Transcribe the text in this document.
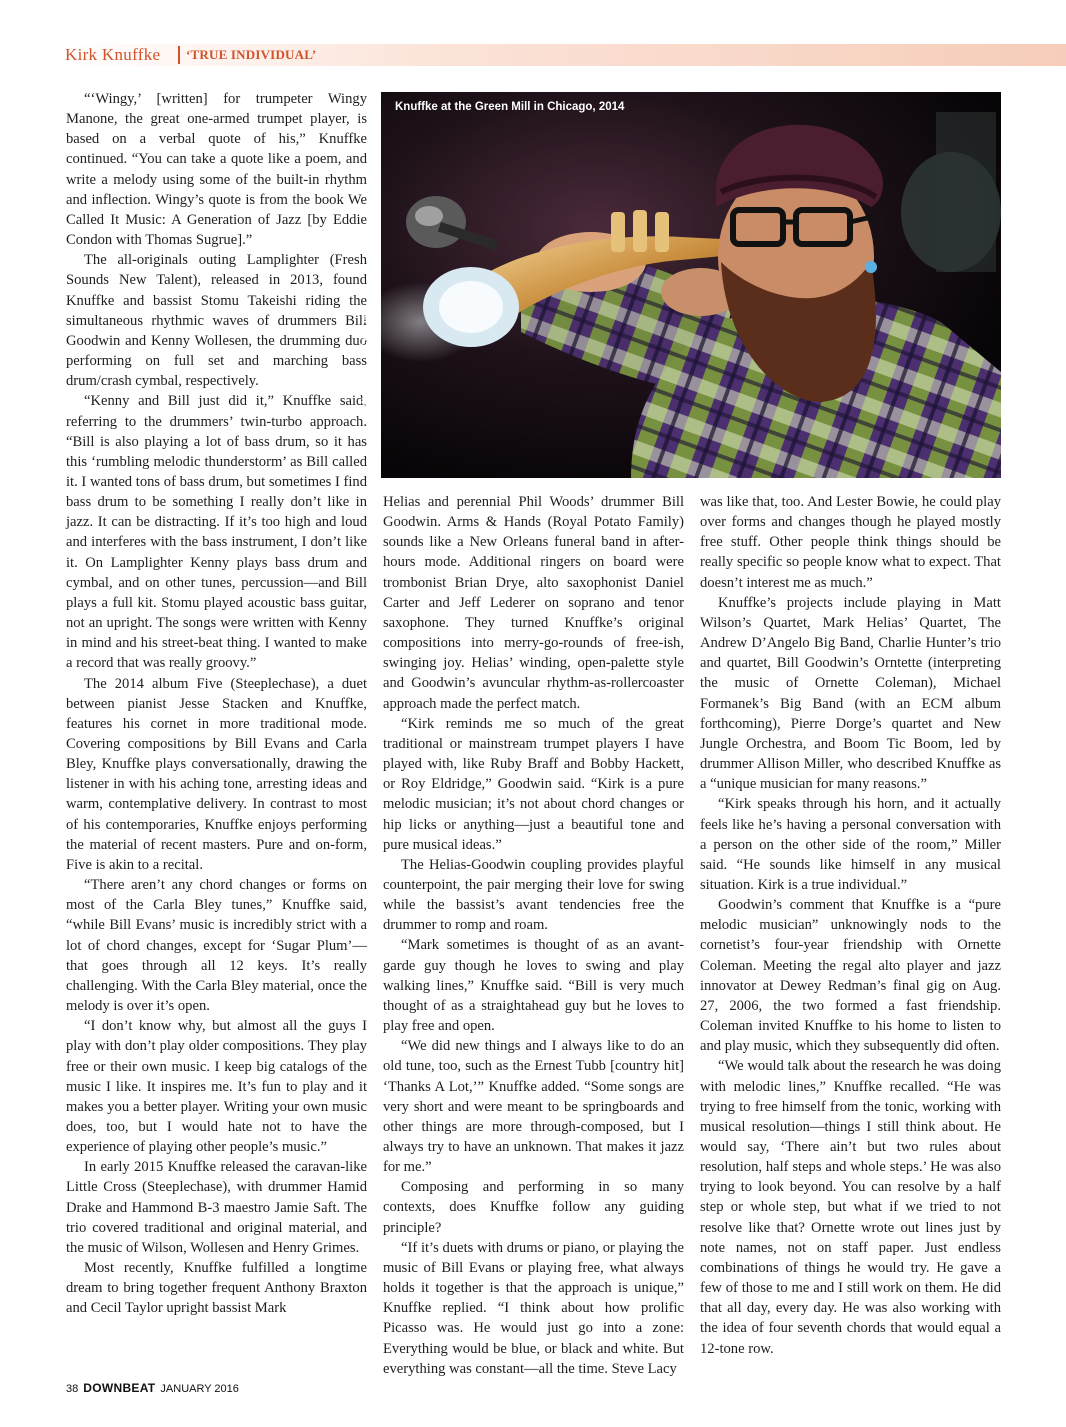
Kirk Knuffke ‘TRUE INDIVIDUAL’

“‘Wingy,’ [written] for trumpeter Wingy Manone, the great one-armed trumpet player, is based on a verbal quote of his,” Knuffke continued. “You can take a quote like a poem, and write a melody using some of the built-in rhythm and inflection. Wingy’s quote is from the book We Called It Music: A Generation of Jazz [by Eddie Condon with Thomas Sugrue].”

The all-originals outing Lamplighter (Fresh Sounds New Talent), released in 2013, found Knuffke and bassist Stomu Takeishi riding the simultaneous rhythmic waves of drummers Bill Goodwin and Kenny Wollesen, the drumming duo performing on full set and marching bass drum/crash cymbal, respectively.

“Kenny and Bill just did it,” Knuffke said, referring to the drummers’ twin-turbo approach. “Bill is also playing a lot of bass drum, so it has this ‘rumbling melodic thunderstorm’ as Bill called it. I wanted tons of bass drum, but sometimes I find bass drum to be something I really don’t like in jazz. It can be distracting. If it’s too high and loud and interferes with the bass instrument, I don’t like it. On Lamplighter Kenny plays bass drum and cymbal, and on other tunes, percussion—and Bill plays a full kit. Stomu played acoustic bass guitar, not an upright. The songs were written with Kenny in mind and his street-beat thing. I wanted to make a record that was really groovy.”

The 2014 album Five (Steeplechase), a duet between pianist Jesse Stacken and Knuffke, features his cornet in more traditional mode. Covering compositions by Bill Evans and Carla Bley, Knuffke plays conversationally, drawing the listener in with his aching tone, arresting ideas and warm, contemplative delivery. In contrast to most of his contemporaries, Knuffke enjoys performing the material of recent masters. Pure and on-form, Five is akin to a recital.

“There aren’t any chord changes or forms on most of the Carla Bley tunes,” Knuffke said, “while Bill Evans’ music is incredibly strict with a lot of chord changes, except for ‘Sugar Plum’—that goes through all 12 keys. It’s really challenging. With the Carla Bley material, once the melody is over it’s open.

“I don’t know why, but almost all the guys I play with don’t play older compositions. They play free or their own music. I keep big catalogs of the music I like. It inspires me. It’s fun to play and it makes you a better player. Writing your own music does, too, but I would hate not to have the experience of playing other people’s music.”

In early 2015 Knuffke released the caravan-like Little Cross (Steeplechase), with drummer Hamid Drake and Hammond B-3 maestro Jamie Saft. The trio covered traditional and original material, and the music of Wilson, Wollesen and Henry Grimes.

Most recently, Knuffke fulfilled a longtime dream to bring together frequent Anthony Braxton and Cecil Taylor upright bassist Mark

Knuffke at the Green Mill in Chicago, 2014
MICHAEL JACKSON

Helias and perennial Phil Woods’ drummer Bill Goodwin. Arms & Hands (Royal Potato Family) sounds like a New Orleans funeral band in after-hours mode. Additional ringers on board were trombonist Brian Drye, alto saxophonist Daniel Carter and Jeff Lederer on soprano and tenor saxophone. They turned Knuffke’s original compositions into merry-go-rounds of free-ish, swinging joy. Helias’ winding, open-palette style and Goodwin’s avuncular rhythm-as-rollercoaster approach made the perfect match.

“Kirk reminds me so much of the great traditional or mainstream trumpet players I have played with, like Ruby Braff and Bobby Hackett, or Roy Eldridge,” Goodwin said. “Kirk is a pure melodic musician; it’s not about chord changes or hip licks or anything—just a beautiful tone and pure musical ideas.”

The Helias-Goodwin coupling provides playful counterpoint, the pair merging their love for swing while the bassist’s avant tendencies free the drummer to romp and roam.

“Mark sometimes is thought of as an avant-garde guy though he loves to swing and play walking lines,” Knuffke said. “Bill is very much thought of as a straightahead guy but he loves to play free and open.

“We did new things and I always like to do an old tune, too, such as the Ernest Tubb [country hit] ‘Thanks A Lot,’” Knuffke added. “Some songs are very short and were meant to be springboards and other things are more through-composed, but I always try to have an unknown. That makes it jazz for me.”

Composing and performing in so many contexts, does Knuffke follow any guiding principle?

“If it’s duets with drums or piano, or playing the music of Bill Evans or playing free, what always holds it together is that the approach is unique,” Knuffke replied. “I think about how prolific Picasso was. He would just go into a zone: Everything would be blue, or black and white. But everything was constant—all the time. Steve Lacy

was like that, too. And Lester Bowie, he could play over forms and changes though he played mostly free stuff. Other people think things should be really specific so people know what to expect. That doesn’t interest me as much.”

Knuffke’s projects include playing in Matt Wilson’s Quartet, Mark Helias’ Quartet, The Andrew D’Angelo Big Band, Charlie Hunter’s trio and quartet, Bill Goodwin’s Orntette (interpreting the music of Ornette Coleman), Michael Formanek’s Big Band (with an ECM album forthcoming), Pierre Dorge’s quartet and New Jungle Orchestra, and Boom Tic Boom, led by drummer Allison Miller, who described Knuffke as a “unique musician for many reasons.”

“Kirk speaks through his horn, and it actually feels like he’s having a personal conversation with a person on the other side of the room,” Miller said. “He sounds like himself in any musical situation. Kirk is a true individual.”

Goodwin’s comment that Knuffke is a “pure melodic musician” unknowingly nods to the cornetist’s four-year friendship with Ornette Coleman. Meeting the regal alto player and jazz innovator at Dewey Redman’s final gig on Aug. 27, 2006, the two formed a fast friendship. Coleman invited Knuffke to his home to listen to and play music, which they subsequently did often.

“We would talk about the research he was doing with melodic lines,” Knuffke recalled. “He was trying to free himself from the tonic, working with musical resolution—things I still think about. He would say, ‘There ain’t but two rules about resolution, half steps and whole steps.’ He was also trying to look beyond. You can resolve by a half step or whole step, but what if we tried to not resolve like that? Ornette wrote out lines just by note names, not on staff paper. Just endless combinations of things he would try. He gave a few of those to me and I still work on them. He did that all day, every day. He was also working with the idea of four seventh chords that would equal a 12-tone row.

38 DOWNBEAT JANUARY 2016
